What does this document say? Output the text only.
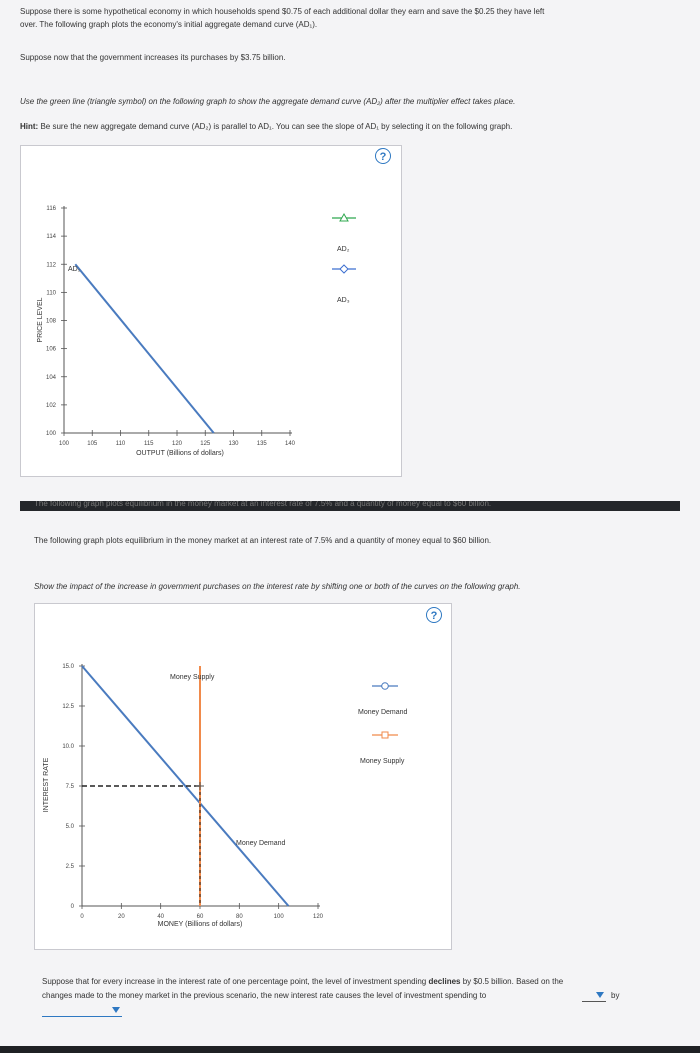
Suppose there is some hypothetical economy in which households spend $0.75 of each additional dollar they earn and save the $0.25 they have left
over. The following graph plots the economy's initial aggregate demand curve (AD₁).
Suppose now that the government increases its purchases by $3.75 billion.
Use the green line (triangle symbol) on the following graph to show the aggregate demand curve (AD₂) after the multiplier effect takes place.
Hint: Be sure the new aggregate demand curve (AD₂) is parallel to AD₁. You can see the slope of AD₁ by selecting it on the following graph.
?
100
102
104
106
108
110
112
114
116
100	105	110	115	120	125	130	135	140
PRICE LEVEL
OUTPUT (Billions of dollars)
AD₁
AD₂
AD₃
The following graph plots equilibrium in the money market at an interest rate of 7.5% and a quantity of money equal to $60 billion.
The following graph plots equilibrium in the money market at an interest rate of 7.5% and a quantity of money equal to $60 billion.
Show the impact of the increase in government purchases on the interest rate by shifting one or both of the curves on the following graph.
?
0
2.5
5.0
7.5
10.0
12.5
15.0
0	20	40	60	80	100	120
INTEREST RATE
MONEY (Billions of dollars)
Money Supply
Money Demand
Money Demand
Money Supply
Suppose that for every increase in the interest rate of one percentage point, the level of investment spending declines by $0.5 billion. Based on the
changes made to the money market in the previous scenario, the new interest rate causes the level of investment spending to	by
